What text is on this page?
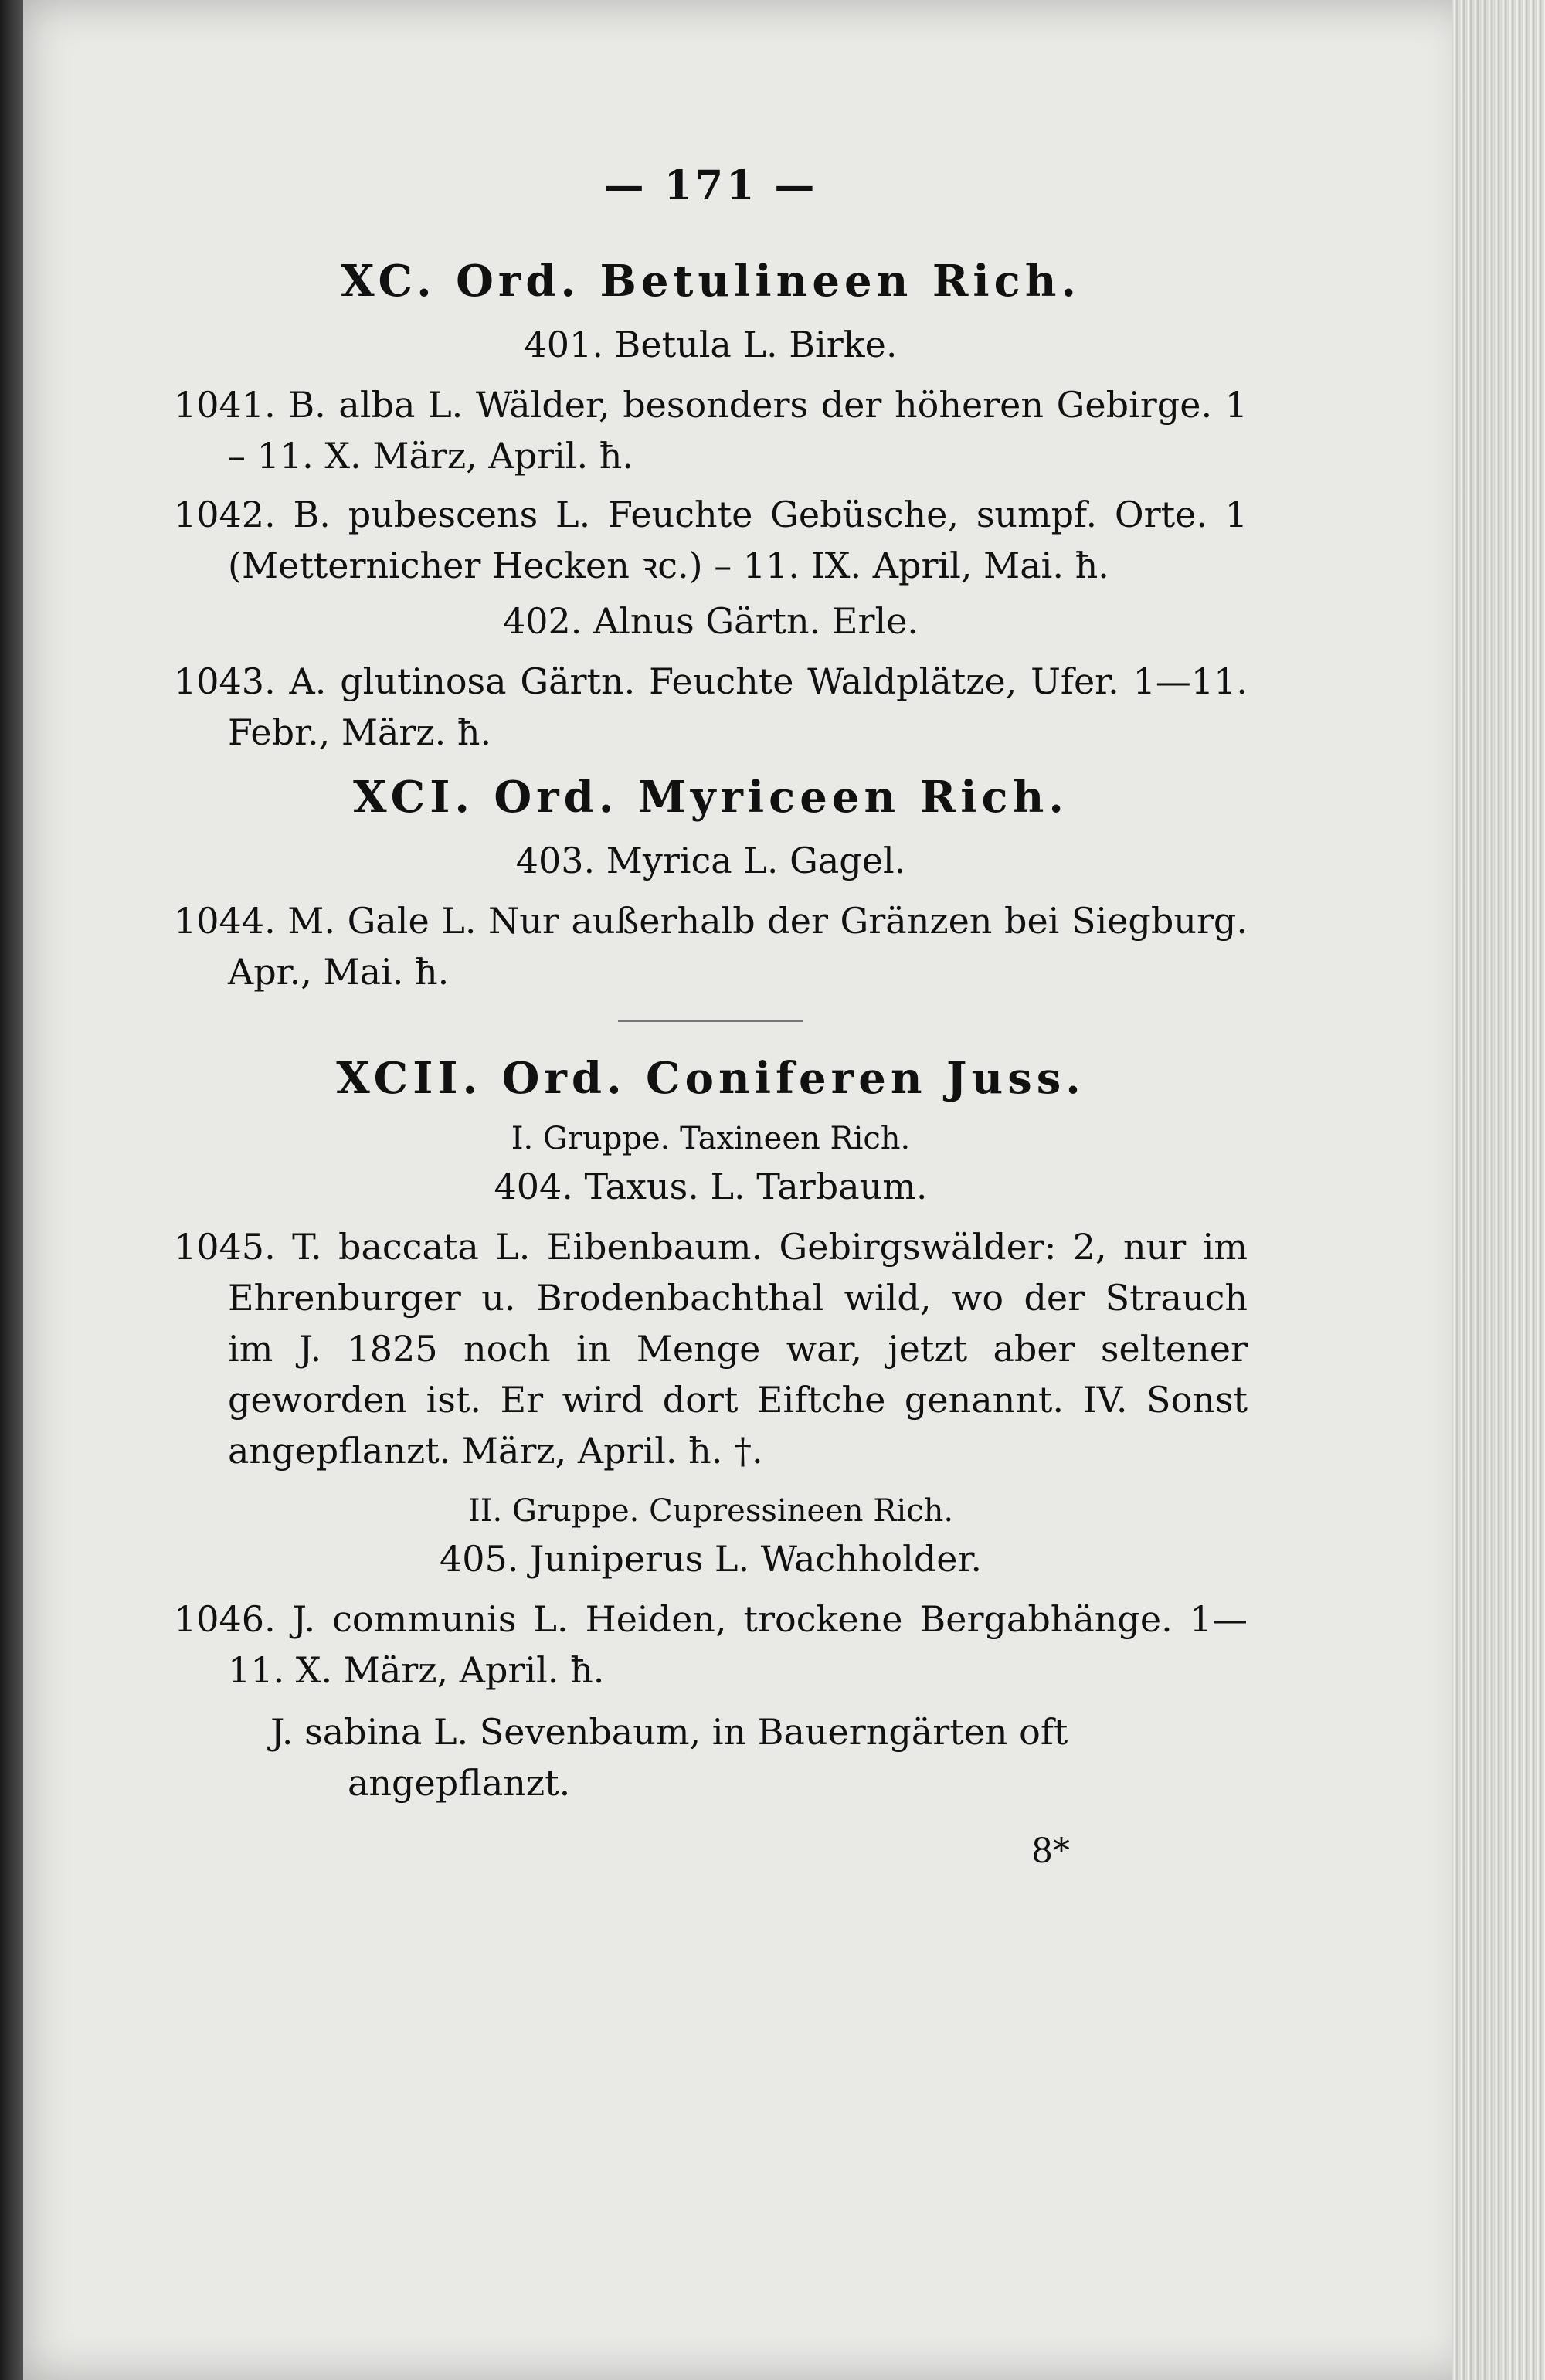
— 171 —
XC. Ord. Betulineen Rich.
401. Betula L. Birke.

1041. B. alba L. Wälder, besonders der höheren Gebirge. 1 – 11. X. März, April. ħ.

1042. B. pubescens L. Feuchte Gebüsche, sumpf. Orte. 1 (Metternicher Hecken ꝛc.) – 11. IX. April, Mai. ħ.

402. Alnus Gärtn. Erle.

1043. A. glutinosa Gärtn. Feuchte Waldplätze, Ufer. 1—11. Febr., März. ħ.

XCI. Ord. Myriceen Rich.
403. Myrica L. Gagel.

1044. M. Gale L. Nur außerhalb der Gränzen bei Siegburg. Apr., Mai. ħ.

XCII. Ord. Coniferen Juss.
I. Gruppe. Taxineen Rich.
404. Taxus. L. Tarbaum.

1045. T. baccata L. Eibenbaum. Gebirgswälder: 2, nur im Ehrenburger u. Brodenbachthal wild, wo der Strauch im J. 1825 noch in Menge war, jetzt aber seltener geworden ist. Er wird dort Eiftche genannt. IV. Sonst angepflanzt. März, April. ħ. †.

II. Gruppe. Cupressineen Rich.
405. Juniperus L. Wachholder.

1046. J. communis L. Heiden, trockene Bergabhänge. 1—11. X. März, April. ħ.

J. sabina L. Sevenbaum, in Bauerngärten oft angepflanzt.

8*
